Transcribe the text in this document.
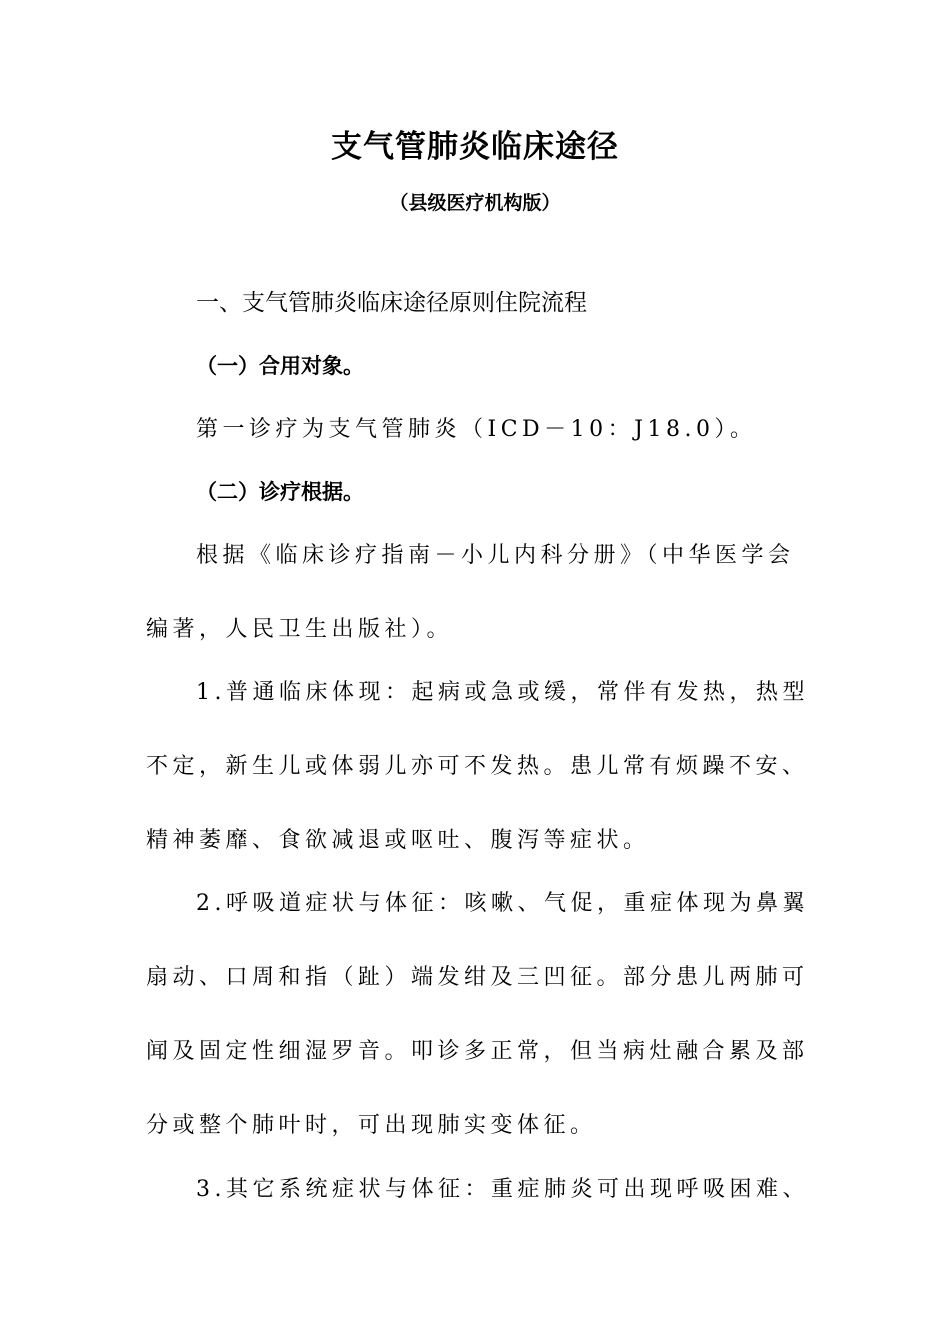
支气管肺炎临床途径
（县级医疗机构版）
一、支气管肺炎临床途径原则住院流程
（一）合用对象。
第一诊疗为支气管肺炎（ICD－10：J18.0）。
（二）诊疗根据。
根据《临床诊疗指南－小儿内科分册》（中华医学会
编著，人民卫生出版社）。
1.普通临床体现：起病或急或缓，常伴有发热，热型
不定，新生儿或体弱儿亦可不发热。患儿常有烦躁不安、
精神萎靡、食欲减退或呕吐、腹泻等症状。
2.呼吸道症状与体征：咳嗽、气促，重症体现为鼻翼
扇动、口周和指（趾）端发绀及三凹征。部分患儿两肺可
闻及固定性细湿罗音。叩诊多正常，但当病灶融合累及部
分或整个肺叶时，可出现肺实变体征。
3.其它系统症状与体征：重症肺炎可出现呼吸困难、
